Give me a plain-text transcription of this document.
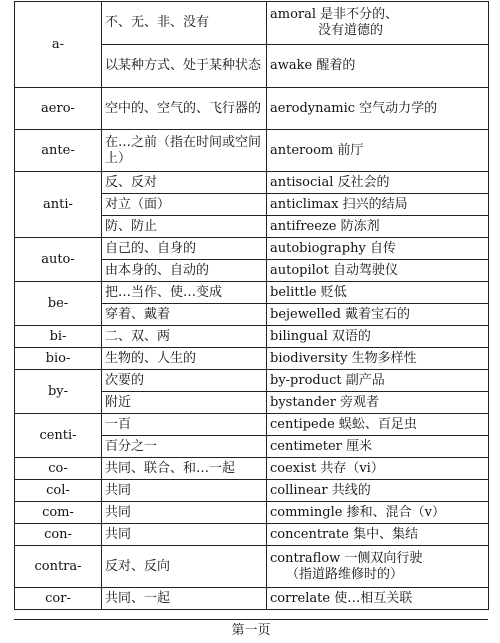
a-	不、无、非、没有	amoral 是非不分的、

没有道德的

	以某种方式、处于某种状态	awake 醒着的
aero-	空中的、空气的、飞行器的	aerodynamic 空气动力学的
ante-	在…之前（指在时间或空间上）	anteroom 前厅
anti-	反、反对	antisocial 反社会的
	对立（面）	anticlimax 扫兴的结局
	防、防止	antifreeze 防冻剂
auto-	自己的、自身的	autobiography 自传
	由本身的、自动的	autopilot 自动驾驶仪
be-	把…当作、使…变成	belittle 贬低
	穿着、戴着	bejewelled 戴着宝石的
bi-	二、双、两	bilingual 双语的
bio-	生物的、人生的	biodiversity 生物多样性
by-	次要的	by-product 副产品
	附近	bystander 旁观者
centi-	一百	centipede 蜈蚣、百足虫
	百分之一	centimeter 厘米
co-	共同、联合、和…一起	coexist 共存（vi）
col-	共同	collinear 共线的
com-	共同	commingle 掺和、混合（v）
con-	共同	concentrate 集中、集结
contra-	反对、反向	contraflow 一侧双向行驶

（指道路维修时的）

cor-	共同、一起	correlate 使…相互关联
第一页
